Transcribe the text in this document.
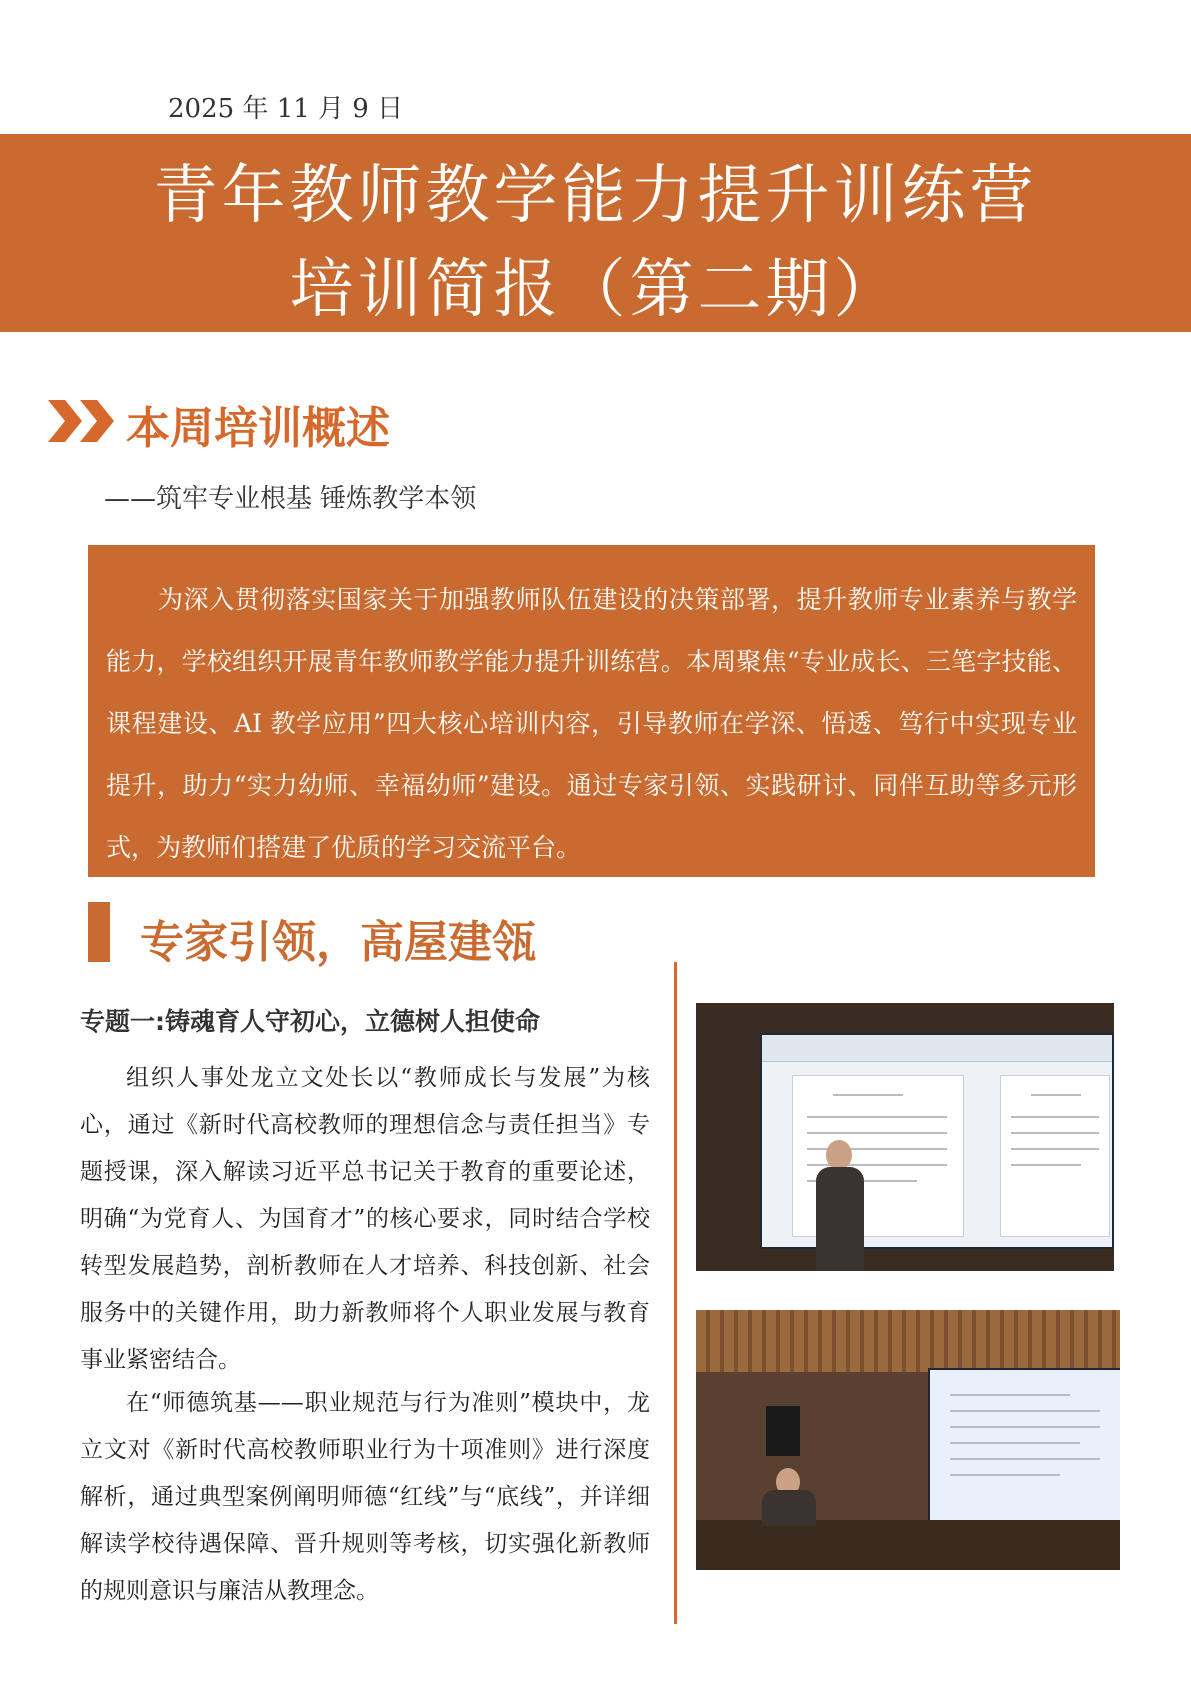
2025 年 11 月 9 日
青年教师教学能力提升训练营
培训简报（第二期）
本周培训概述
——筑牢专业根基 锤炼教学本领

为深入贯彻落实国家关于加强教师队伍建设的决策部署，提升教师专业素养与教学能力，学校组织开展青年教师教学能力提升训练营。本周聚焦“专业成长、三笔字技能、课程建设、AI 教学应用”四大核心培训内容，引导教师在学深、悟透、笃行中实现专业提升，助力“实力幼师、幸福幼师”建设。通过专家引领、实践研讨、同伴互助等多元形式，为教师们搭建了优质的学习交流平台。

专家引领，高屋建瓴
专题一:铸魂育人守初心，立德树人担使命

组织人事处龙立文处长以“教师成长与发展”为核心，通过《新时代高校教师的理想信念与责任担当》专题授课，深入解读习近平总书记关于教育的重要论述，明确“为党育人、为国育才”的核心要求，同时结合学校转型发展趋势，剖析教师在人才培养、科技创新、社会服务中的关键作用，助力新教师将个人职业发展与教育事业紧密结合。

在“师德筑基——职业规范与行为准则”模块中，龙立文对《新时代高校教师职业行为十项准则》进行深度解析，通过典型案例阐明师德“红线”与“底线”，并详细解读学校待遇保障、晋升规则等考核，切实强化新教师的规则意识与廉洁从教理念。
